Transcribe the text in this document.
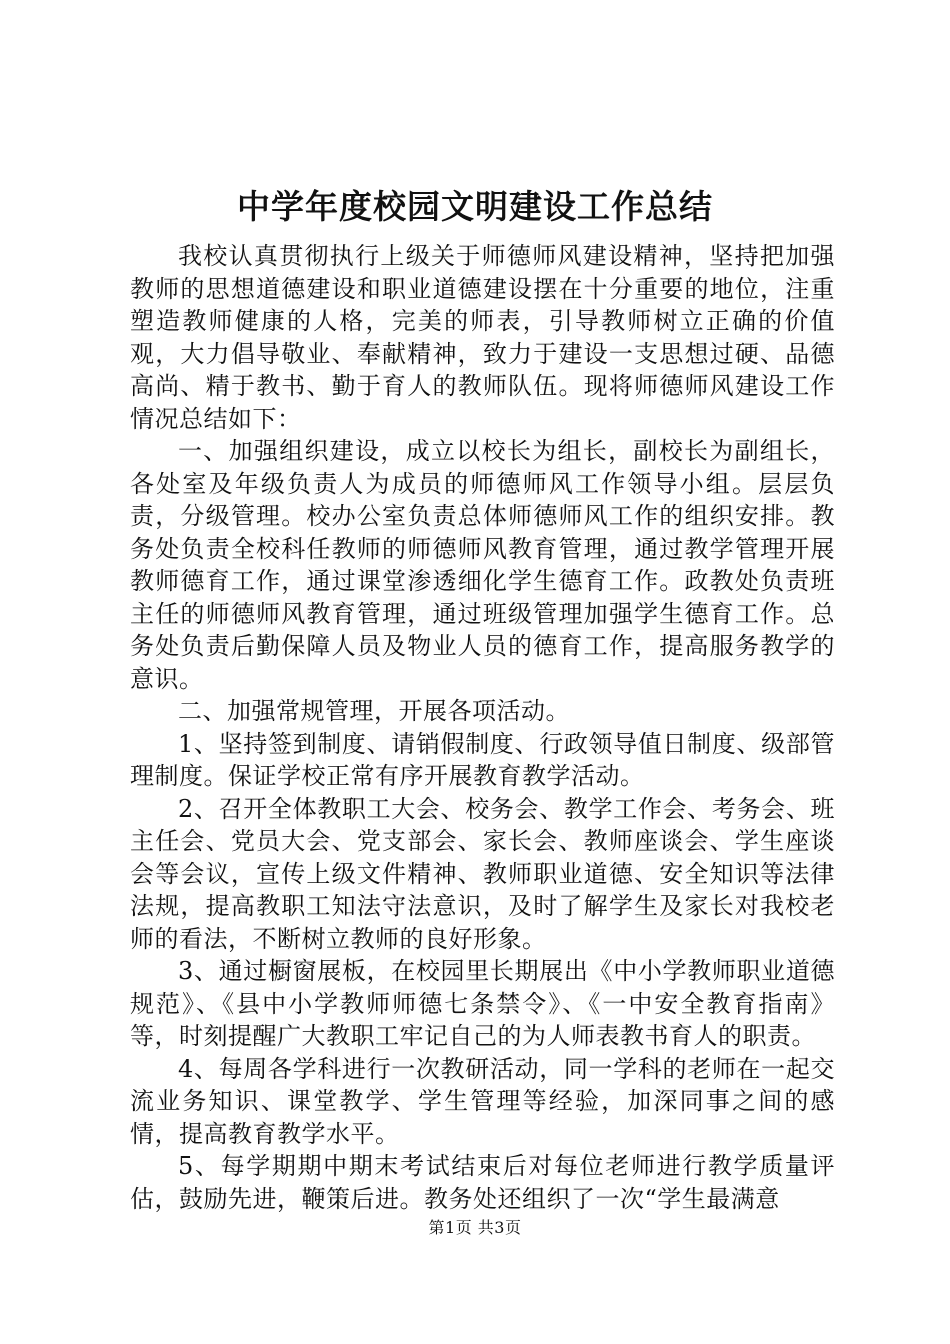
中学年度校园文明建设工作总结

我校认真贯彻执行上级关于师德师风建设精神，坚持把加强教师的思想道德建设和职业道德建设摆在十分重要的地位，注重塑造教师健康的人格，完美的师表，引导教师树立正确的价值观，大力倡导敬业、奉献精神，致力于建设一支思想过硬、品德高尚、精于教书、勤于育人的教师队伍。现将师德师风建设工作情况总结如下：

一、加强组织建设，成立以校长为组长，副校长为副组长，各处室及年级负责人为成员的师德师风工作领导小组。层层负责，分级管理。校办公室负责总体师德师风工作的组织安排。教务处负责全校科任教师的师德师风教育管理，通过教学管理开展教师德育工作，通过课堂渗透细化学生德育工作。政教处负责班主任的师德师风教育管理，通过班级管理加强学生德育工作。总务处负责后勤保障人员及物业人员的德育工作，提高服务教学的意识。

二、加强常规管理，开展各项活动。

1、坚持签到制度、请销假制度、行政领导值日制度、级部管理制度。保证学校正常有序开展教育教学活动。

2、召开全体教职工大会、校务会、教学工作会、考务会、班主任会、党员大会、党支部会、家长会、教师座谈会、学生座谈会等会议，宣传上级文件精神、教师职业道德、安全知识等法律法规，提高教职工知法守法意识，及时了解学生及家长对我校老师的看法，不断树立教师的良好形象。

3、通过橱窗展板，在校园里长期展出《中小学教师职业道德规范》、《县中小学教师师德七条禁令》、《一中安全教育指南》等，时刻提醒广大教职工牢记自己的为人师表教书育人的职责。

4、每周各学科进行一次教研活动，同一学科的老师在一起交流业务知识、课堂教学、学生管理等经验，加深同事之间的感情，提高教育教学水平。

5、每学期期中期末考试结束后对每位老师进行教学质量评估，鼓励先进，鞭策后进。教务处还组织了一次“学生最满意

第1页 共3页
